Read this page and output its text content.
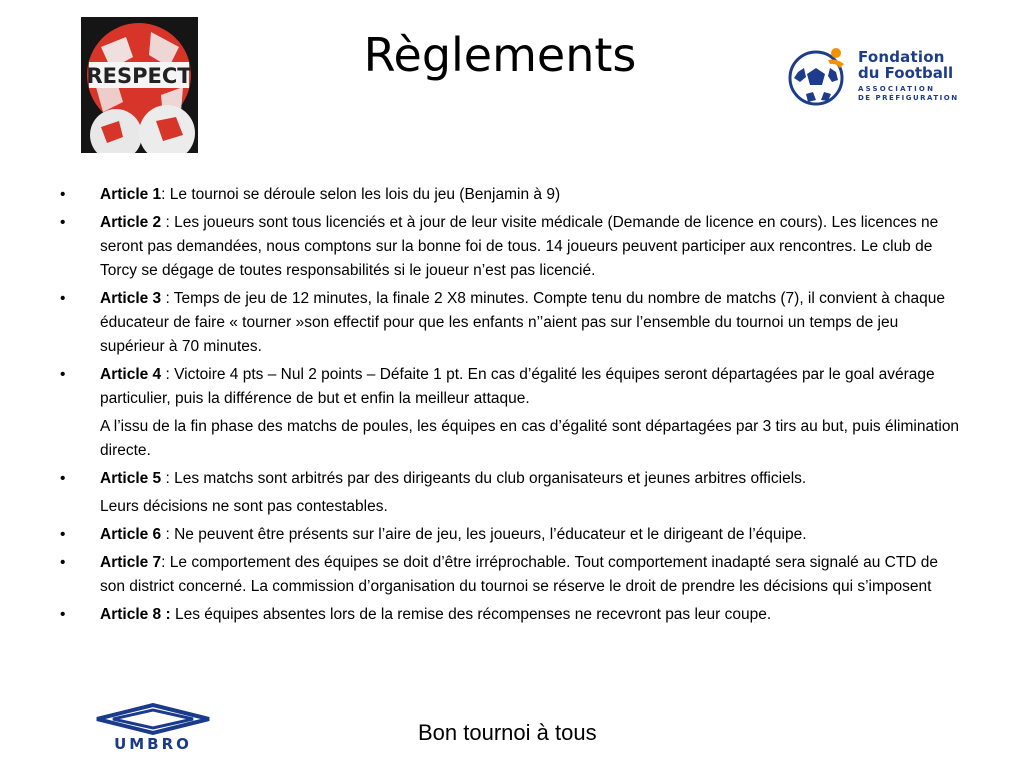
RESPECT	Règlements	Fondation
du Football
ASSOCIATION
DE PRÉFIGURATION
•	Article 1: Le tournoi se déroule selon les lois du jeu (Benjamin à 9)
•	Article 2 : Les joueurs sont tous licenciés et à jour de leur visite médicale (Demande de licence en cours). Les licences ne seront pas demandées, nous comptons sur la bonne foi de tous. 14 joueurs peuvent participer aux rencontres. Le club de Torcy se dégage de toutes responsabilités si le joueur n’est pas licencié.
•	Article 3 : Temps de jeu de 12 minutes, la finale 2 X8 minutes. Compte tenu du nombre de matchs (7), il convient à chaque éducateur de faire « tourner »son effectif pour que les enfants n’’aient pas sur l’ensemble du tournoi un temps de jeu supérieur à 70 minutes.
•	Article 4 : Victoire 4 pts – Nul 2 points – Défaite 1 pt. En cas d’égalité les équipes seront départagées par le goal avérage particulier, puis la différence de but et enfin la meilleur attaque.
A l’issu de la fin phase des matchs de poules, les équipes en cas d’égalité sont départagées par 3 tirs au but, puis élimination directe.
•	Article 5 : Les matchs sont arbitrés par des dirigeants du club organisateurs et jeunes arbitres officiels.
Leurs décisions ne sont pas contestables.
•	Article 6 : Ne peuvent être présents sur l’aire de jeu, les joueurs, l’éducateur et le dirigeant de l’équipe.
•	Article 7: Le comportement des équipes se doit d’être irréprochable. Tout comportement inadapté sera signalé au CTD de son district concerné. La commission d’organisation du tournoi se réserve le droit de prendre les décisions qui s’imposent
•	Article 8 : Les équipes absentes lors de la remise des récompenses ne recevront pas leur coupe.
UMBRO	Bon tournoi à tous
